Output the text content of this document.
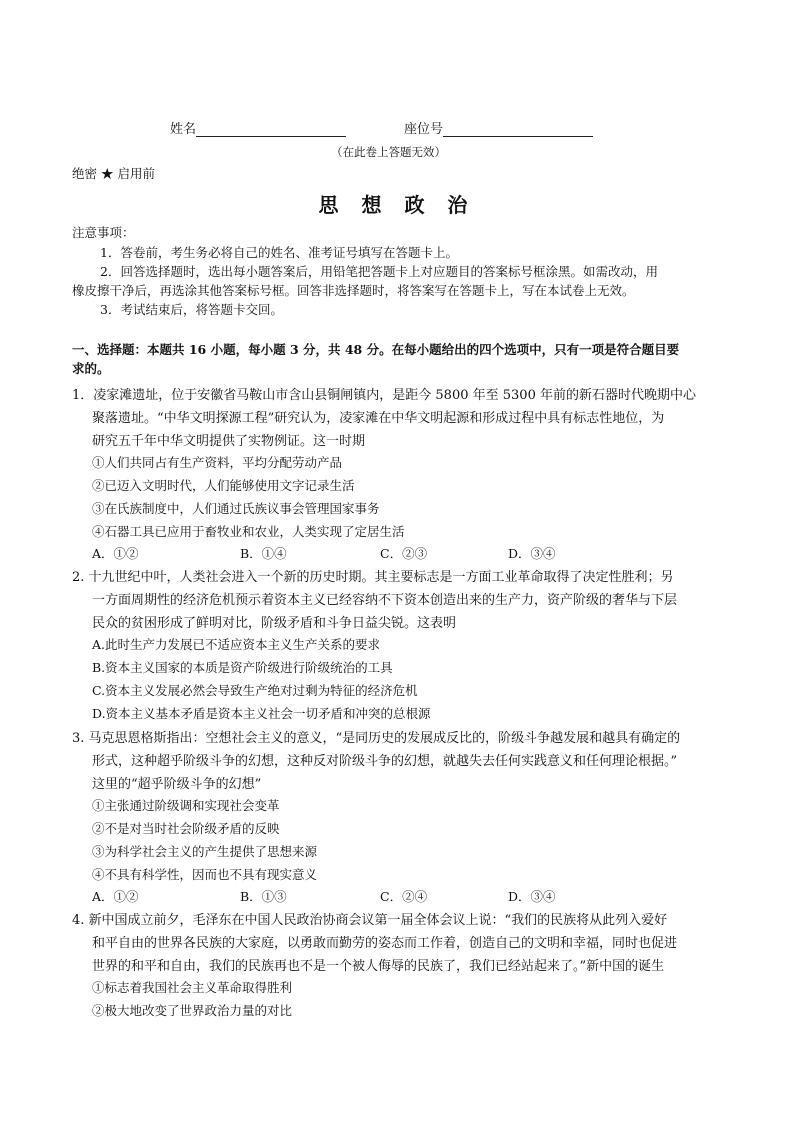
姓名	座位号
（在此卷上答题无效）
绝密 ★ 启用前
思 想 政 治
注意事项：
1．答卷前，考生务必将自己的姓名、准考证号填写在答题卡上。
2．回答选择题时，选出每小题答案后，用铅笔把答题卡上对应题目的答案标号框涂黑。如需改动，用
橡皮擦干净后，再选涂其他答案标号框。回答非选择题时，将答案写在答题卡上，写在本试卷上无效。
3．考试结束后，将答题卡交回。
一、选择题：本题共 16 小题，每小题 3 分，共 48 分。在每小题给出的四个选项中，只有一项是符合题目要
求的。
1．凌家滩遗址，位于安徽省马鞍山市含山县铜闸镇内，是距今 5800 年至 5300 年前的新石器时代晚期中心
聚落遗址。“中华文明探源工程”研究认为，凌家滩在中华文明起源和形成过程中具有标志性地位，为
研究五千年中华文明提供了实物例证。这一时期
①人们共同占有生产资料，平均分配劳动产品
②已迈入文明时代，人们能够使用文字记录生活
③在氏族制度中，人们通过氏族议事会管理国家事务
④石器工具已应用于畜牧业和农业，人类实现了定居生活
A．①②	B．①④	C．②③	D．③④
2. 十九世纪中叶，人类社会进入一个新的历史时期。其主要标志是一方面工业革命取得了决定性胜利；另
一方面周期性的经济危机预示着资本主义已经容纳不下资本创造出来的生产力，资产阶级的奢华与下层
民众的贫困形成了鲜明对比，阶级矛盾和斗争日益尖锐。这表明
A.此时生产力发展已不适应资本主义生产关系的要求
B.资本主义国家的本质是资产阶级进行阶级统治的工具
C.资本主义发展必然会导致生产绝对过剩为特征的经济危机
D.资本主义基本矛盾是资本主义社会一切矛盾和冲突的总根源
3. 马克思恩格斯指出：空想社会主义的意义，“是同历史的发展成反比的，阶级斗争越发展和越具有确定的
形式，这种超乎阶级斗争的幻想，这种反对阶级斗争的幻想，就越失去任何实践意义和任何理论根据。”
这里的“超乎阶级斗争的幻想”
①主张通过阶级调和实现社会变革
②不是对当时社会阶级矛盾的反映
③为科学社会主义的产生提供了思想来源
④不具有科学性，因而也不具有现实意义
A．①②	B．①③	C．②④	D．③④
4. 新中国成立前夕，毛泽东在中国人民政治协商会议第一届全体会议上说：“我们的民族将从此列入爱好
和平自由的世界各民族的大家庭，以勇敢而勤劳的姿态而工作着，创造自己的文明和幸福，同时也促进
世界的和平和自由，我们的民族再也不是一个被人侮辱的民族了，我们已经站起来了。”新中国的诞生
①标志着我国社会主义革命取得胜利
②极大地改变了世界政治力量的对比
